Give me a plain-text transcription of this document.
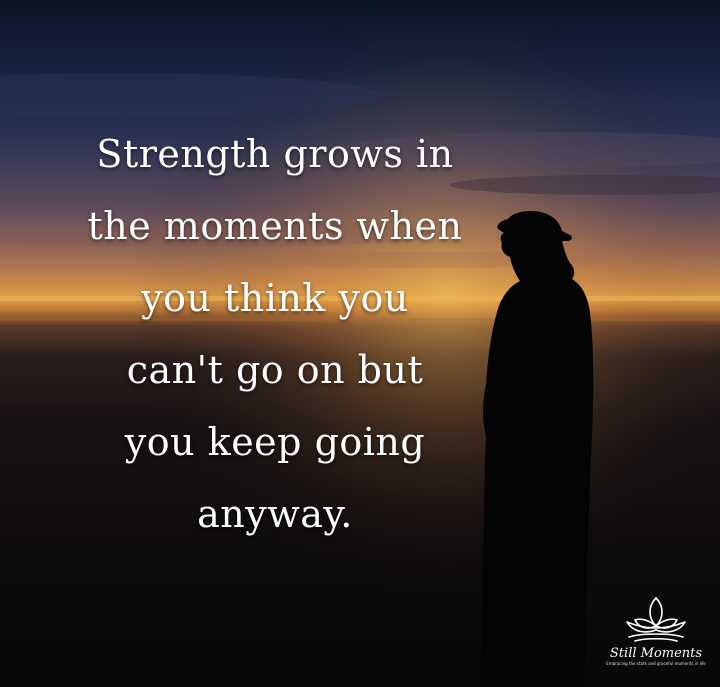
Strength grows in
the moments when
you think you
can't go on but
you keep going
anyway.

Still Moments
Embracing the stark and graceful moments in life
